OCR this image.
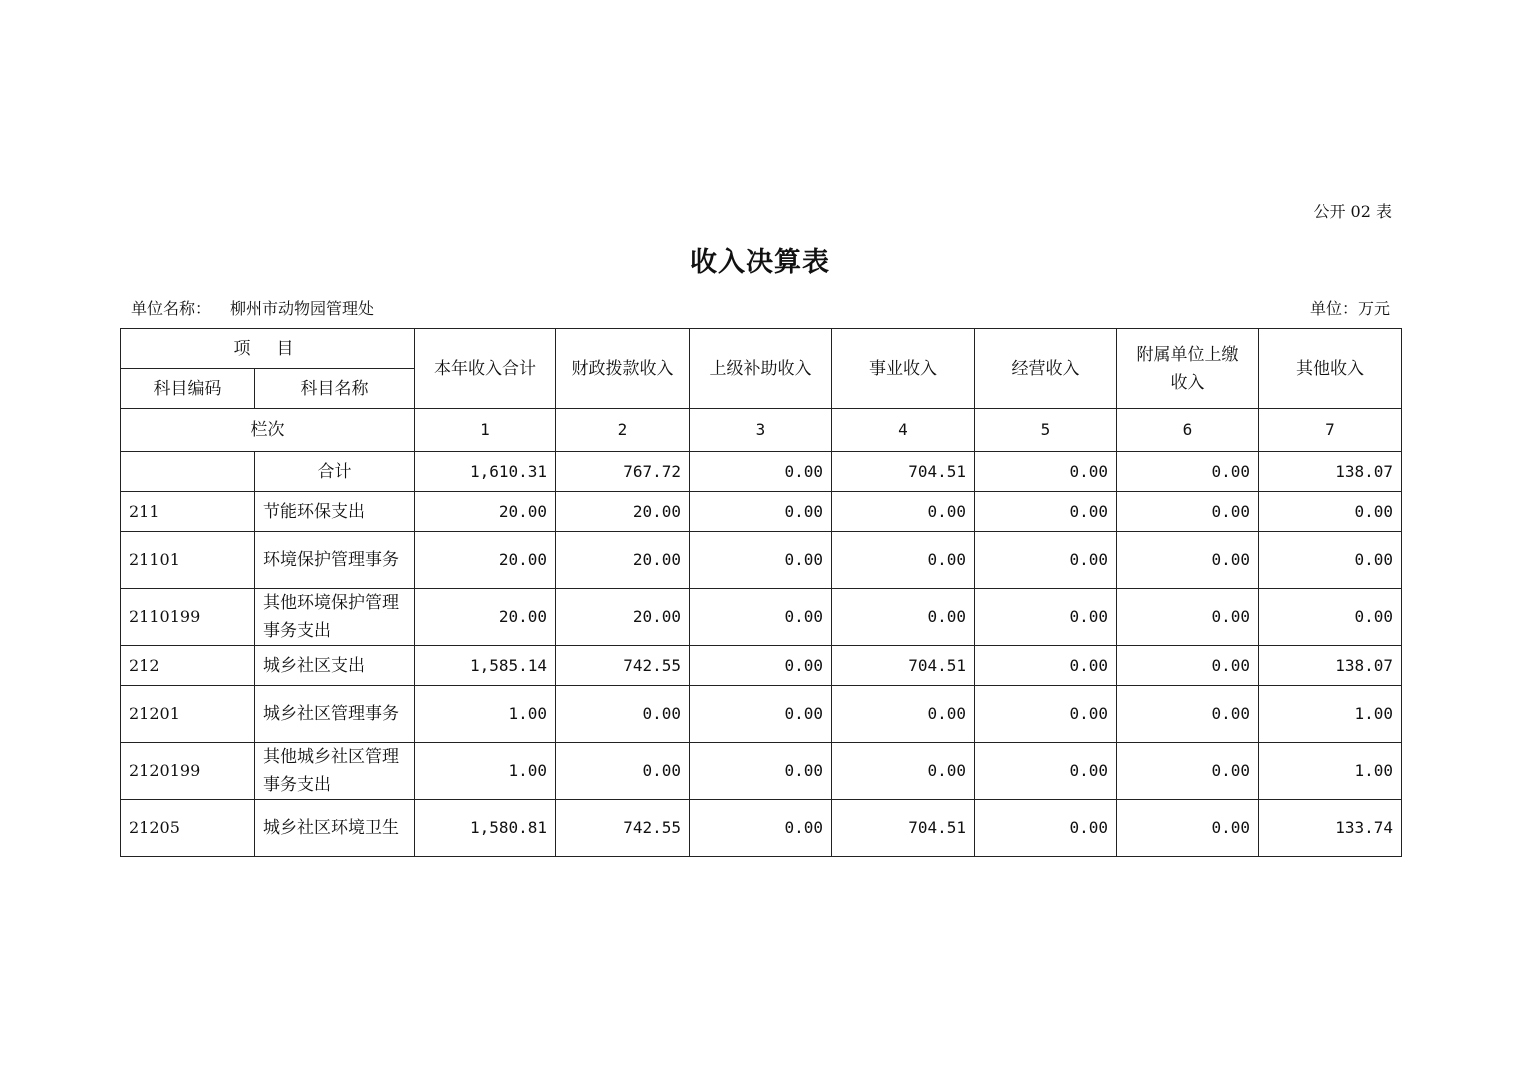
公开 02 表
收入决算表
单位名称： 柳州市动物园管理处	单位：万元
项目		本年收入合计	财政拨款收入	上级补助收入	事业收入	经营收入	附属单位上缴收入	其他收入
科目编码	科目名称							
栏次		1	2	3	4	5	6	7
	合计	1,610.31	767.72	0.00	704.51	0.00	0.00	138.07
211	节能环保支出	20.00	20.00	0.00	0.00	0.00	0.00	0.00
21101	环境保护管理事务	20.00	20.00	0.00	0.00	0.00	0.00	0.00
2110199	其他环境保护管理事务支出	20.00	20.00	0.00	0.00	0.00	0.00	0.00
212	城乡社区支出	1,585.14	742.55	0.00	704.51	0.00	0.00	138.07
21201	城乡社区管理事务	1.00	0.00	0.00	0.00	0.00	0.00	1.00
2120199	其他城乡社区管理事务支出	1.00	0.00	0.00	0.00	0.00	0.00	1.00
21205	城乡社区环境卫生	1,580.81	742.55	0.00	704.51	0.00	0.00	133.74
